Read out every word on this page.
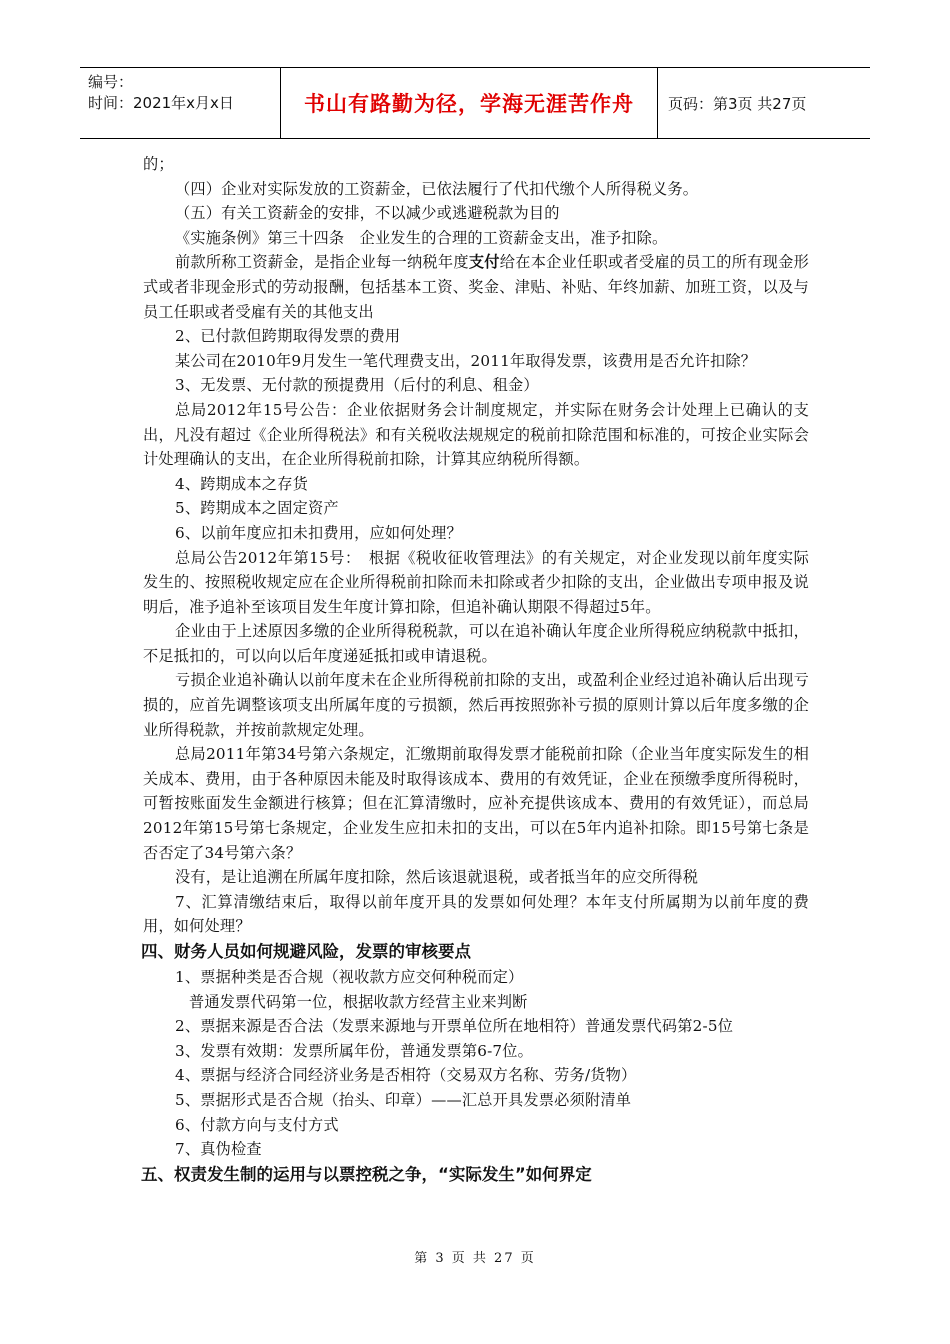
编号：
时间：2021年x月x日	书山有路勤为径，学海无涯苦作舟	页码：第3页 共27页

的；

（四）企业对实际发放的工资薪金，已依法履行了代扣代缴个人所得税义务。

（五）有关工资薪金的安排，不以减少或逃避税款为目的

《实施条例》第三十四条　企业发生的合理的工资薪金支出，准予扣除。

前款所称工资薪金，是指企业每一纳税年度支付给在本企业任职或者受雇的员工的所有现金形式或者非现金形式的劳动报酬，包括基本工资、奖金、津贴、补贴、年终加薪、加班工资，以及与员工任职或者受雇有关的其他支出

2、已付款但跨期取得发票的费用

某公司在2010年9月发生一笔代理费支出，2011年取得发票，该费用是否允许扣除？

3、无发票、无付款的预提费用（后付的利息、租金）

总局2012年15号公告：企业依据财务会计制度规定，并实际在财务会计处理上已确认的支出，凡没有超过《企业所得税法》和有关税收法规规定的税前扣除范围和标准的，可按企业实际会计处理确认的支出，在企业所得税前扣除，计算其应纳税所得额。

4、跨期成本之存货

5、跨期成本之固定资产

6、以前年度应扣未扣费用，应如何处理？

总局公告2012年第15号：　根据《税收征收管理法》的有关规定，对企业发现以前年度实际发生的、按照税收规定应在企业所得税前扣除而未扣除或者少扣除的支出，企业做出专项申报及说明后，准予追补至该项目发生年度计算扣除，但追补确认期限不得超过5年。

企业由于上述原因多缴的企业所得税税款，可以在追补确认年度企业所得税应纳税款中抵扣，不足抵扣的，可以向以后年度递延抵扣或申请退税。

亏损企业追补确认以前年度未在企业所得税前扣除的支出，或盈利企业经过追补确认后出现亏损的，应首先调整该项支出所属年度的亏损额，然后再按照弥补亏损的原则计算以后年度多缴的企业所得税款，并按前款规定处理。

总局2011年第34号第六条规定，汇缴期前取得发票才能税前扣除（企业当年度实际发生的相关成本、费用，由于各种原因未能及时取得该成本、费用的有效凭证，企业在预缴季度所得税时，可暂按账面发生金额进行核算；但在汇算清缴时，应补充提供该成本、费用的有效凭证），而总局2012年第15号第七条规定，企业发生应扣未扣的支出，可以在5年内追补扣除。即15号第七条是否否定了34号第六条？

没有，是让追溯在所属年度扣除，然后该退就退税，或者抵当年的应交所得税

7、汇算清缴结束后，取得以前年度开具的发票如何处理？本年支付所属期为以前年度的费用，如何处理？

四、财务人员如何规避风险，发票的审核要点

1、票据种类是否合规（视收款方应交何种税而定）

普通发票代码第一位，根据收款方经营主业来判断

2、票据来源是否合法（发票来源地与开票单位所在地相符）普通发票代码第2-5位

3、发票有效期：发票所属年份，普通发票第6-7位。

4、票据与经济合同经济业务是否相符（交易双方名称、劳务/货物）

5、票据形式是否合规（抬头、印章）——汇总开具发票必须附清单

6、付款方向与支付方式

7、真伪检查

五、权责发生制的运用与以票控税之争，“实际发生”如何界定
第 3 页 共 27 页
